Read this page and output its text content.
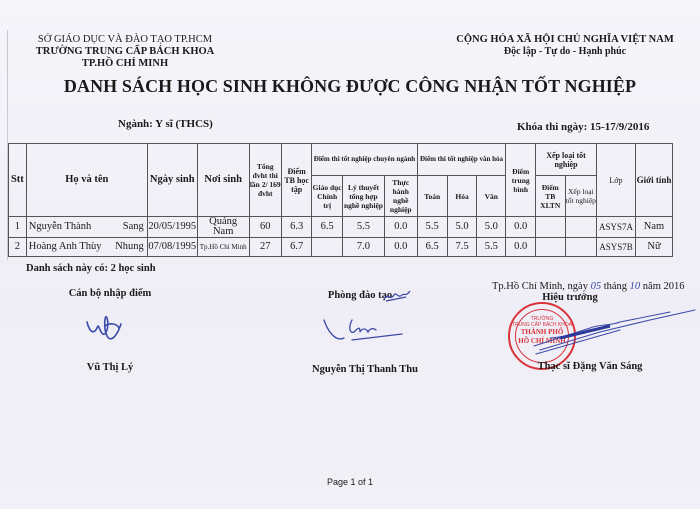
SỞ GIÁO DỤC VÀ ĐÀO TẠO TP.HCM
TRƯỜNG TRUNG CẤP BÁCH KHOA
TP.HỒ CHÍ MINH
CỘNG HỎA XÃ HỘI CHỦ NGHĨA VIỆT NAM
Độc lập - Tự do - Hạnh phúc
DANH SÁCH HỌC SINH KHÔNG ĐƯỢC CÔNG NHẬN TỐT NGHIỆP
Ngành: Y sĩ (THCS)	Khóa thi ngày: 15-17/9/2016
Stt	Họ và tên	Ngày sinh	Nơi sinh	Tổng đvht thi lần 2/ 169 đvht	Điểm TB học tập	Điểm thi tốt nghiệp chuyên ngành			Điểm thi tốt nghiệp văn hóa			Điểm trung bình	Xếp loại tốt nghiệp		Lớp	Giới tính
						Giáo dục Chính trị	Lý thuyết tổng hợp nghề nghiệp	Thực hành nghề nghiệp	Toán	Hóa	Văn		Điểm TB XLTN	Xếp loại tốt nghiệp		
1	Nguyễn Thành Sang	20/05/1995	Quảng Nam	60	6.3	6.5	5.5	0.0	5.5	5.0	5.0	0.0			ASYS7A	Nam
2	Hoàng Anh Thùy Nhung	07/08/1995	Tp.Hồ Chí Minh	27	6.7		7.0	0.0	6.5	7.5	5.5	0.0			ASYS7B	Nữ
Danh sách này có: 2 học sinh
Cán bộ nhập điểm
Vũ Thị Lý
Phòng đào tạo
Nguyễn Thị Thanh Thu
Tp.Hồ Chí Minh, ngày 05 tháng 10 năm 2016
Hiệu trưởng
TRƯỜNG
TRUNG CẤP BÁCH KHOA
THÀNH PHỐ
HỒ CHÍ MINH
Thạc sĩ Đặng Văn Sáng
Page 1 of 1
